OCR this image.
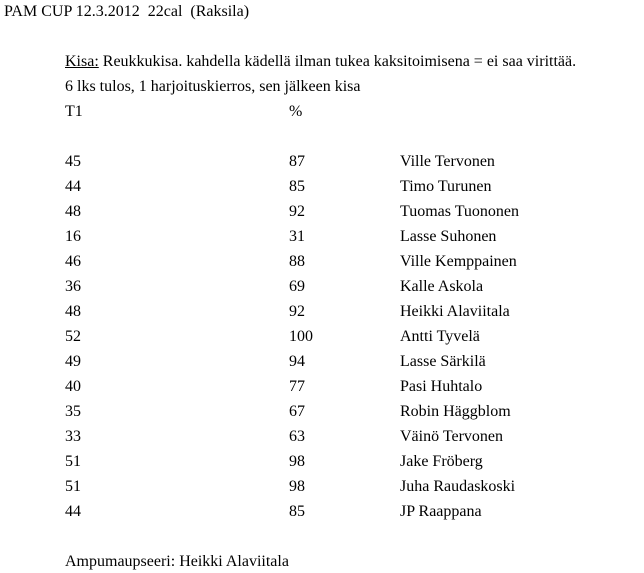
PAM CUP 12.3.2012 22cal (Raksila)
Kisa: Reukkukisa. kahdella kädellä ilman tukea kaksitoimisena = ei saa virittää.
6 lks tulos, 1 harjoituskierros, sen jälkeen kisa
T1	%
45	87	Ville Tervonen
44	85	Timo Turunen
48	92	Tuomas Tuononen
16	31	Lasse Suhonen
46	88	Ville Kemppainen
36	69	Kalle Askola
48	92	Heikki Alaviitala
52	100	Antti Tyvelä
49	94	Lasse Särkilä
40	77	Pasi Huhtalo
35	67	Robin Häggblom
33	63	Väinö Tervonen
51	98	Jake Fröberg
51	98	Juha Raudaskoski
44	85	JP Raappana
Ampumaupseeri: Heikki Alaviitala
